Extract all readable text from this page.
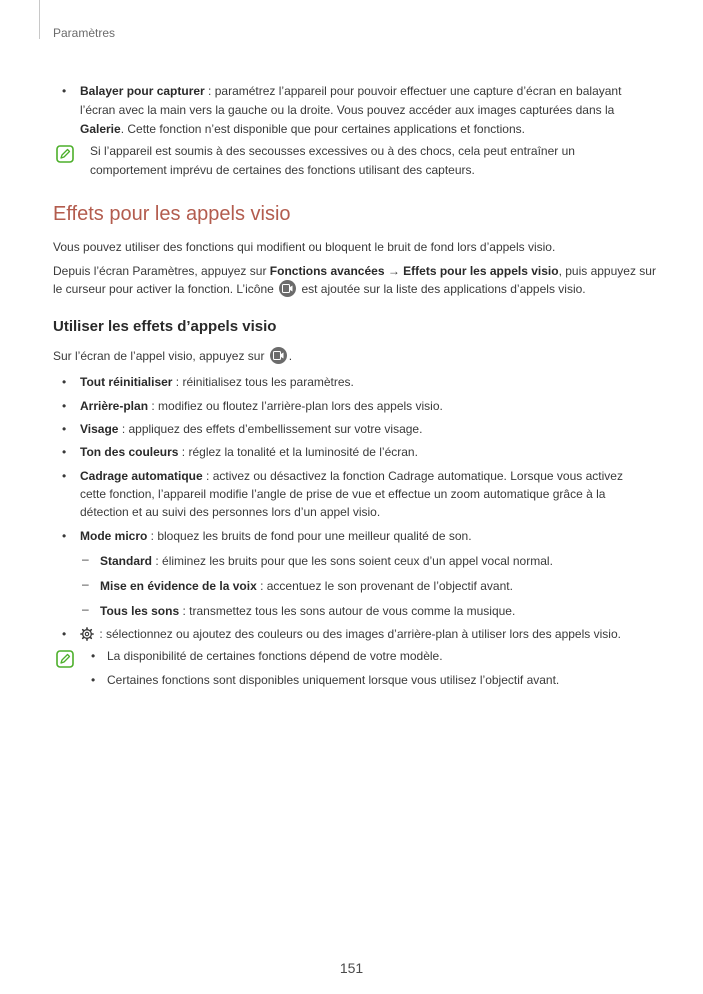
Paramètres
• Balayer pour capturer : paramétrez l’appareil pour pouvoir effectuer une capture d’écran en balayant
l’écran avec la main vers la gauche ou la droite. Vous pouvez accéder aux images capturées dans la
Galerie. Cette fonction n’est disponible que pour certaines applications et fonctions.
Si l’appareil est soumis à des secousses excessives ou à des chocs, cela peut entraîner un
comportement imprévu de certaines des fonctions utilisant des capteurs.
Effets pour les appels visio
Vous pouvez utiliser des fonctions qui modifient ou bloquent le bruit de fond lors d’appels visio.
Depuis l’écran Paramètres, appuyez sur Fonctions avancées → Effets pour les appels visio, puis appuyez sur
le curseur pour activer la fonction. L’icône
est ajoutée sur la liste des applications d’appels visio.
Utiliser les effets d’appels visio
Sur l’écran de l’appel visio, appuyez sur
.
• Tout réinitialiser : réinitialisez tous les paramètres.
• Arrière-plan : modifiez ou floutez l’arrière-plan lors des appels visio.
• Visage : appliquez des effets d’embellissement sur votre visage.
• Ton des couleurs : réglez la tonalité et la luminosité de l’écran.
• Cadrage automatique : activez ou désactivez la fonction Cadrage automatique. Lorsque vous activez
cette fonction, l’appareil modifie l’angle de prise de vue et effectue un zoom automatique grâce à la
détection et au suivi des personnes lors d’un appel visio.
• Mode micro : bloquez les bruits de fond pour une meilleur qualité de son.
– Standard : éliminez les bruits pour que les sons soient ceux d’un appel vocal normal.
– Mise en évidence de la voix : accentuez le son provenant de l’objectif avant.
– Tous les sons : transmettez tous les sons autour de vous comme la musique.
•	: sélectionnez ou ajoutez des couleurs ou des images d’arrière-plan à utiliser lors des appels visio.
• La disponibilité de certaines fonctions dépend de votre modèle.
• Certaines fonctions sont disponibles uniquement lorsque vous utilisez l’objectif avant.
151
